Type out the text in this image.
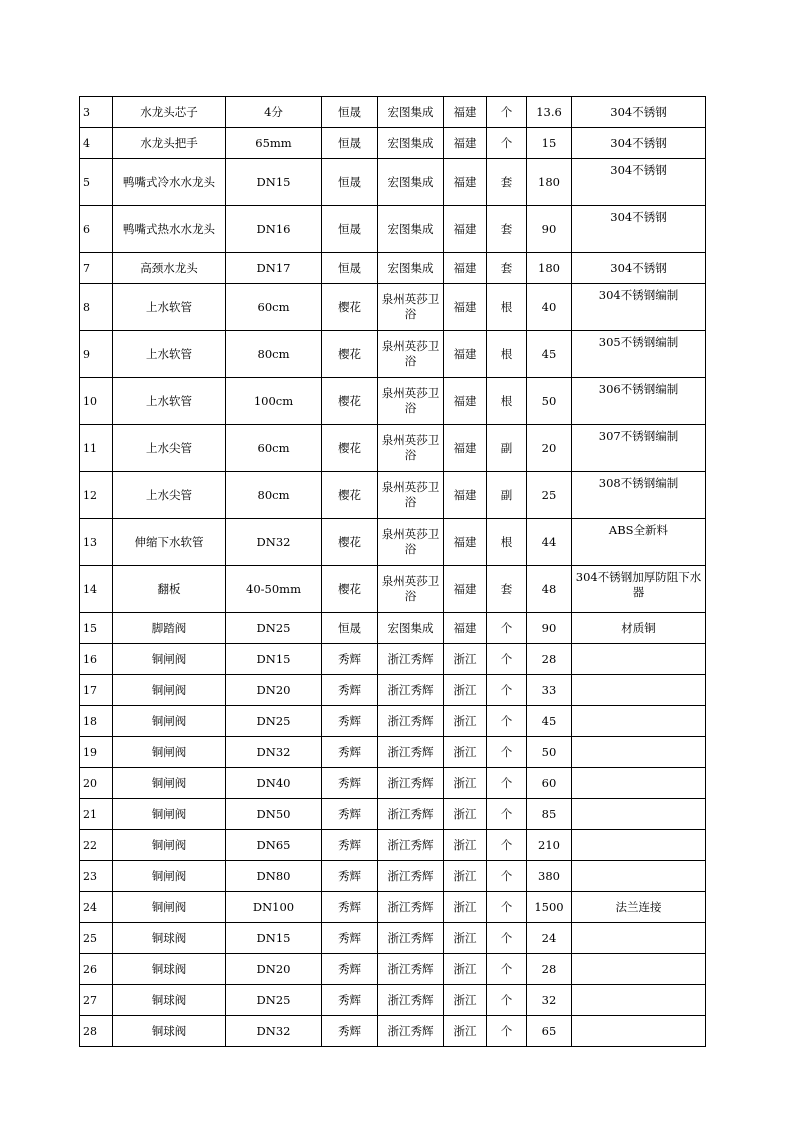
3	水龙头芯子	4分	恒晟	宏图集成	福建	个	13.6	304不锈钢
4	水龙头把手	65mm	恒晟	宏图集成	福建	个	15	304不锈钢
5	鸭嘴式冷水水龙头	DN15	恒晟	宏图集成	福建	套	180	304不锈钢
6	鸭嘴式热水水龙头	DN16	恒晟	宏图集成	福建	套	90	304不锈钢
7	高颈水龙头	DN17	恒晟	宏图集成	福建	套	180	304不锈钢
8	上水软管	60cm	樱花	泉州英莎卫浴	福建	根	40	304不锈钢编制
9	上水软管	80cm	樱花	泉州英莎卫浴	福建	根	45	305不锈钢编制
10	上水软管	100cm	樱花	泉州英莎卫浴	福建	根	50	306不锈钢编制
11	上水尖管	60cm	樱花	泉州英莎卫浴	福建	副	20	307不锈钢编制
12	上水尖管	80cm	樱花	泉州英莎卫浴	福建	副	25	308不锈钢编制
13	伸缩下水软管	DN32	樱花	泉州英莎卫浴	福建	根	44	ABS全新料
14	翻板	40-50mm	樱花	泉州英莎卫浴	福建	套	48	304不锈钢加厚防阻下水器
15	脚踏阀	DN25	恒晟	宏图集成	福建	个	90	材质铜
16	铜闸阀	DN15	秀辉	浙江秀辉	浙江	个	28	
17	铜闸阀	DN20	秀辉	浙江秀辉	浙江	个	33	
18	铜闸阀	DN25	秀辉	浙江秀辉	浙江	个	45	
19	铜闸阀	DN32	秀辉	浙江秀辉	浙江	个	50	
20	铜闸阀	DN40	秀辉	浙江秀辉	浙江	个	60	
21	铜闸阀	DN50	秀辉	浙江秀辉	浙江	个	85	
22	铜闸阀	DN65	秀辉	浙江秀辉	浙江	个	210	
23	铜闸阀	DN80	秀辉	浙江秀辉	浙江	个	380	
24	铜闸阀	DN100	秀辉	浙江秀辉	浙江	个	1500	法兰连接
25	铜球阀	DN15	秀辉	浙江秀辉	浙江	个	24	
26	铜球阀	DN20	秀辉	浙江秀辉	浙江	个	28	
27	铜球阀	DN25	秀辉	浙江秀辉	浙江	个	32	
28	铜球阀	DN32	秀辉	浙江秀辉	浙江	个	65	
